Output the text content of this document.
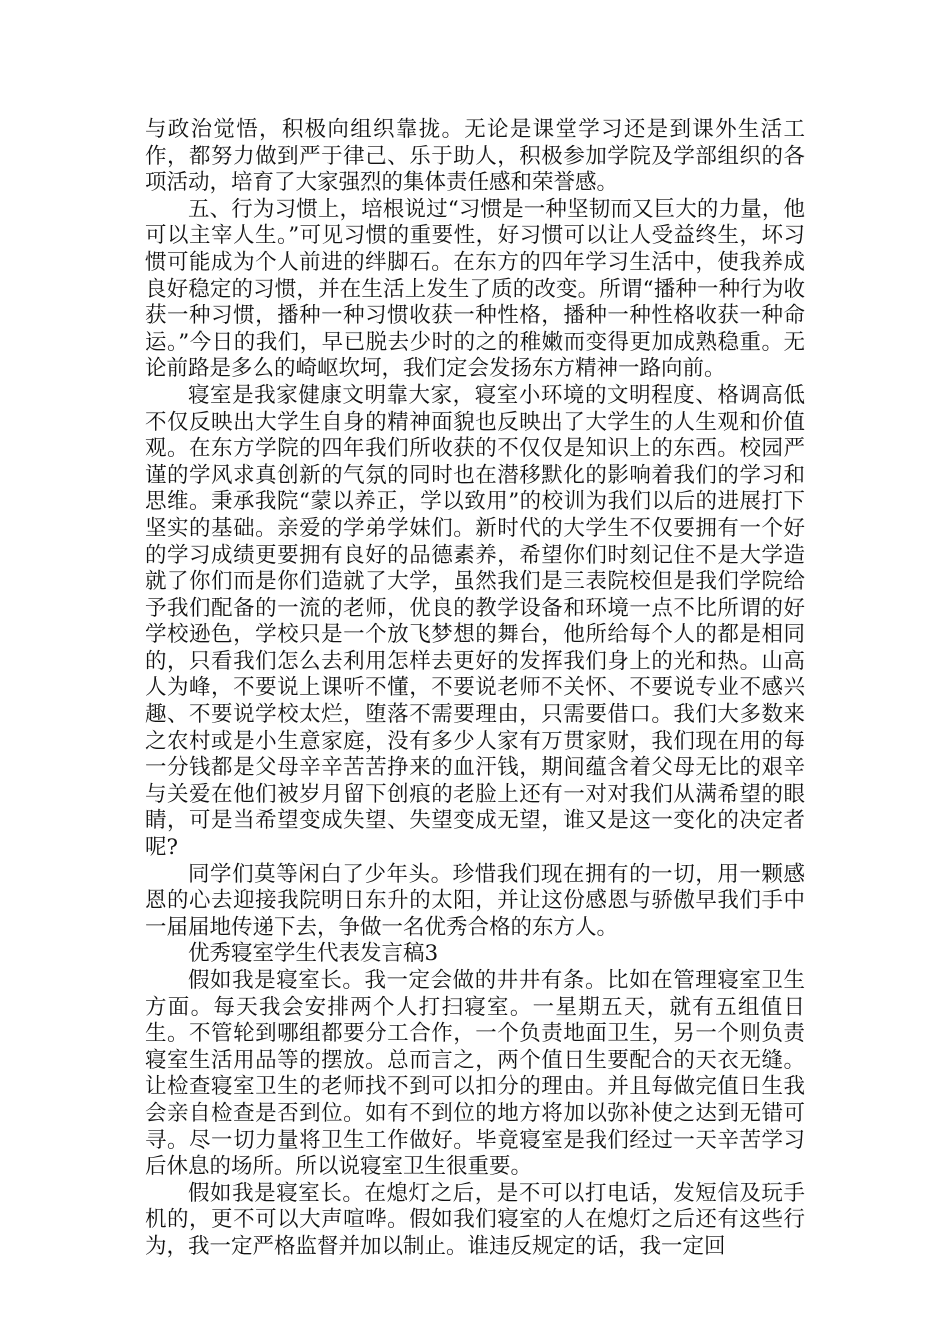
与政治觉悟，积极向组织靠拢。无论是课堂学习还是到课外生活工作，都努力做到严于律己、乐于助人，积极参加学院及学部组织的各项活动，培育了大家强烈的集体责任感和荣誉感。

五、行为习惯上，培根说过“习惯是一种坚韧而又巨大的力量，他可以主宰人生。”可见习惯的重要性，好习惯可以让人受益终生，坏习惯可能成为个人前进的绊脚石。在东方的四年学习生活中，使我养成良好稳定的习惯，并在生活上发生了质的改变。所谓“播种一种行为收获一种习惯，播种一种习惯收获一种性格，播种一种性格收获一种命运。”今日的我们，早已脱去少时的之的稚嫩而变得更加成熟稳重。无论前路是多么的崎岖坎坷，我们定会发扬东方精神一路向前。

寝室是我家健康文明靠大家，寝室小环境的文明程度、格调高低不仅反映出大学生自身的精神面貌也反映出了大学生的人生观和价值观。在东方学院的四年我们所收获的不仅仅是知识上的东西。校园严谨的学风求真创新的气氛的同时也在潜移默化的影响着我们的学习和思维。秉承我院“蒙以养正，学以致用”的校训为我们以后的进展打下坚实的基础。亲爱的学弟学妹们。新时代的大学生不仅要拥有一个好的学习成绩更要拥有良好的品德素养，希望你们时刻记住不是大学造就了你们而是你们造就了大学，虽然我们是三表院校但是我们学院给予我们配备的一流的老师，优良的教学设备和环境一点不比所谓的好学校逊色，学校只是一个放飞梦想的舞台，他所给每个人的都是相同的，只看我们怎么去利用怎样去更好的发挥我们身上的光和热。山高人为峰，不要说上课听不懂，不要说老师不关怀、不要说专业不感兴趣、不要说学校太烂，堕落不需要理由，只需要借口。我们大多数来之农村或是小生意家庭，没有多少人家有万贯家财，我们现在用的每一分钱都是父母辛辛苦苦挣来的血汗钱，期间蕴含着父母无比的艰辛与关爱在他们被岁月留下创痕的老脸上还有一对对我们从满希望的眼睛，可是当希望变成失望、失望变成无望，谁又是这一变化的决定者呢?

同学们莫等闲白了少年头。珍惜我们现在拥有的一切，用一颗感恩的心去迎接我院明日东升的太阳，并让这份感恩与骄傲早我们手中一届届地传递下去，争做一名优秀合格的东方人。

优秀寝室学生代表发言稿3

假如我是寝室长。我一定会做的井井有条。比如在管理寝室卫生方面。每天我会安排两个人打扫寝室。一星期五天，就有五组值日生。不管轮到哪组都要分工合作，一个负责地面卫生，另一个则负责寝室生活用品等的摆放。总而言之，两个值日生要配合的天衣无缝。让检查寝室卫生的老师找不到可以扣分的理由。并且每做完值日生我会亲自检查是否到位。如有不到位的地方将加以弥补使之达到无错可寻。尽一切力量将卫生工作做好。毕竟寝室是我们经过一天辛苦学习后休息的场所。所以说寝室卫生很重要。

假如我是寝室长。在熄灯之后，是不可以打电话，发短信及玩手机的，更不可以大声喧哗。假如我们寝室的人在熄灯之后还有这些行为，我一定严格监督并加以制止。谁违反规定的话，我一定回
